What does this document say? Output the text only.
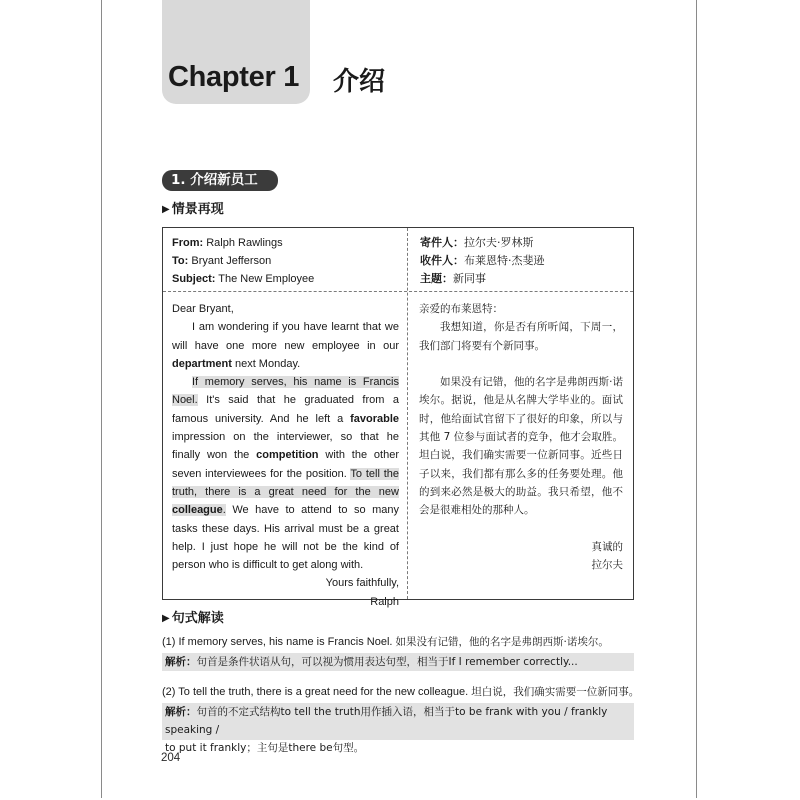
Chapter 1 介绍
1. 介绍新员工
▶ 情景再现
From: Ralph Rawlings
To: Bryant Jefferson
Subject: The New Employee
寄件人：拉尔夫·罗林斯
收件人：布莱恩特·杰斐逊
主题：新同事

Dear Bryant,

I am wondering if you have learnt that we will have one more new employee in our department next Monday.

If memory serves, his name is Francis Noel. It's said that he graduated from a famous university. And he left a favorable impression on the interviewer, so that he finally won the competition with the other seven interviewees for the position. To tell the truth, there is a great need for the new colleague. We have to attend to so many tasks these days. His arrival must be a great help. I just hope he will not be the kind of person who is difficult to get along with.

Yours faithfully,

Ralph

亲爱的布莱恩特：

我想知道，你是否有所听闻，下周一，我们部门将要有个新同事。

如果没有记错，他的名字是弗朗西斯·诺埃尔。据说，他是从名牌大学毕业的。面试时，他给面试官留下了很好的印象，所以与其他 7 位参与面试者的竞争，他才会取胜。坦白说，我们确实需要一位新同事。近些日子以来，我们都有那么多的任务要处理。他的到来必然是极大的助益。我只希望，他不会是很难相处的那种人。

真诚的

拉尔夫

▶ 句式解读
(1) If memory serves, his name is Francis Noel. 如果没有记错，他的名字是弗朗西斯·诺埃尔。
解析：句首是条件状语从句，可以视为惯用表达句型，相当于If I remember correctly...
(2) To tell the truth, there is a great need for the new colleague. 坦白说，我们确实需要一位新同事。
解析：句首的不定式结构to tell the truth用作插入语，相当于to be frank with you / frankly speaking /
to put it frankly；主句是there be句型。
204
